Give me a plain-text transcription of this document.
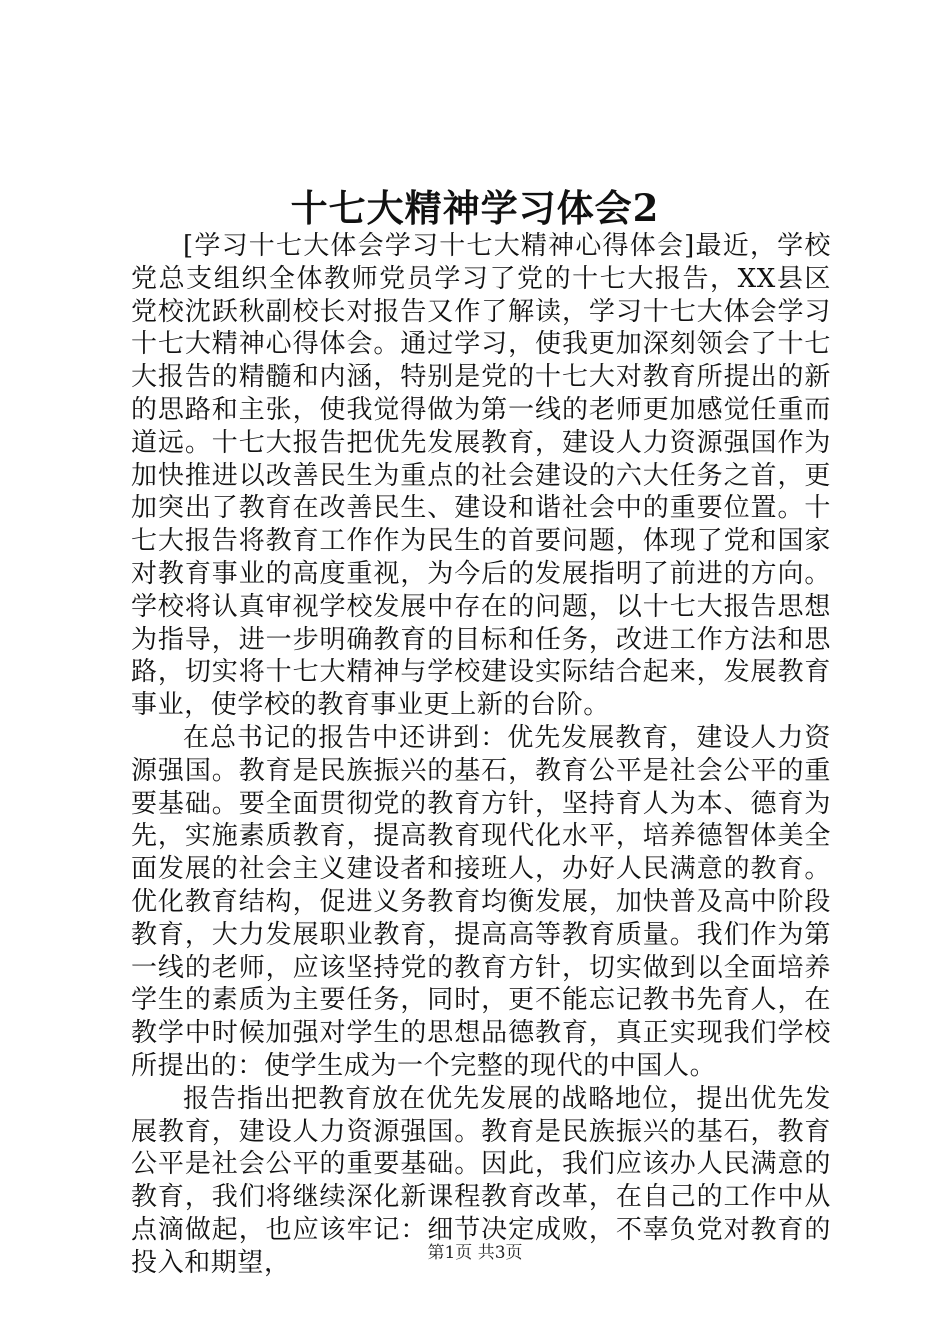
十七大精神学习体会2

[学习十七大体会学习十七大精神心得体会]最近，学校党总支组织全体教师党员学习了党的十七大报告，XX县区党校沈跃秋副校长对报告又作了解读，学习十七大体会学习十七大精神心得体会。通过学习，使我更加深刻领会了十七大报告的精髓和内涵，特别是党的十七大对教育所提出的新的思路和主张，使我觉得做为第一线的老师更加感觉任重而道远。十七大报告把优先发展教育，建设人力资源强国作为加快推进以改善民生为重点的社会建设的六大任务之首，更加突出了教育在改善民生、建设和谐社会中的重要位置。十七大报告将教育工作作为民生的首要问题，体现了党和国家对教育事业的高度重视，为今后的发展指明了前进的方向。学校将认真审视学校发展中存在的问题，以十七大报告思想为指导，进一步明确教育的目标和任务，改进工作方法和思路，切实将十七大精神与学校建设实际结合起来，发展教育事业，使学校的教育事业更上新的台阶。

在总书记的报告中还讲到：优先发展教育，建设人力资源强国。教育是民族振兴的基石，教育公平是社会公平的重要基础。要全面贯彻党的教育方针，坚持育人为本、德育为先，实施素质教育，提高教育现代化水平，培养德智体美全面发展的社会主义建设者和接班人，办好人民满意的教育。优化教育结构，促进义务教育均衡发展，加快普及高中阶段教育，大力发展职业教育，提高高等教育质量。我们作为第一线的老师，应该坚持党的教育方针，切实做到以全面培养学生的素质为主要任务，同时，更不能忘记教书先育人，在教学中时候加强对学生的思想品德教育，真正实现我们学校所提出的：使学生成为一个完整的现代的中国人。

报告指出把教育放在优先发展的战略地位，提出优先发展教育，建设人力资源强国。教育是民族振兴的基石，教育公平是社会公平的重要基础。因此，我们应该办人民满意的教育，我们将继续深化新课程教育改革，在自己的工作中从点滴做起，也应该牢记：细节决定成败，不辜负党对教育的投入和期望，	第1页 共3页
